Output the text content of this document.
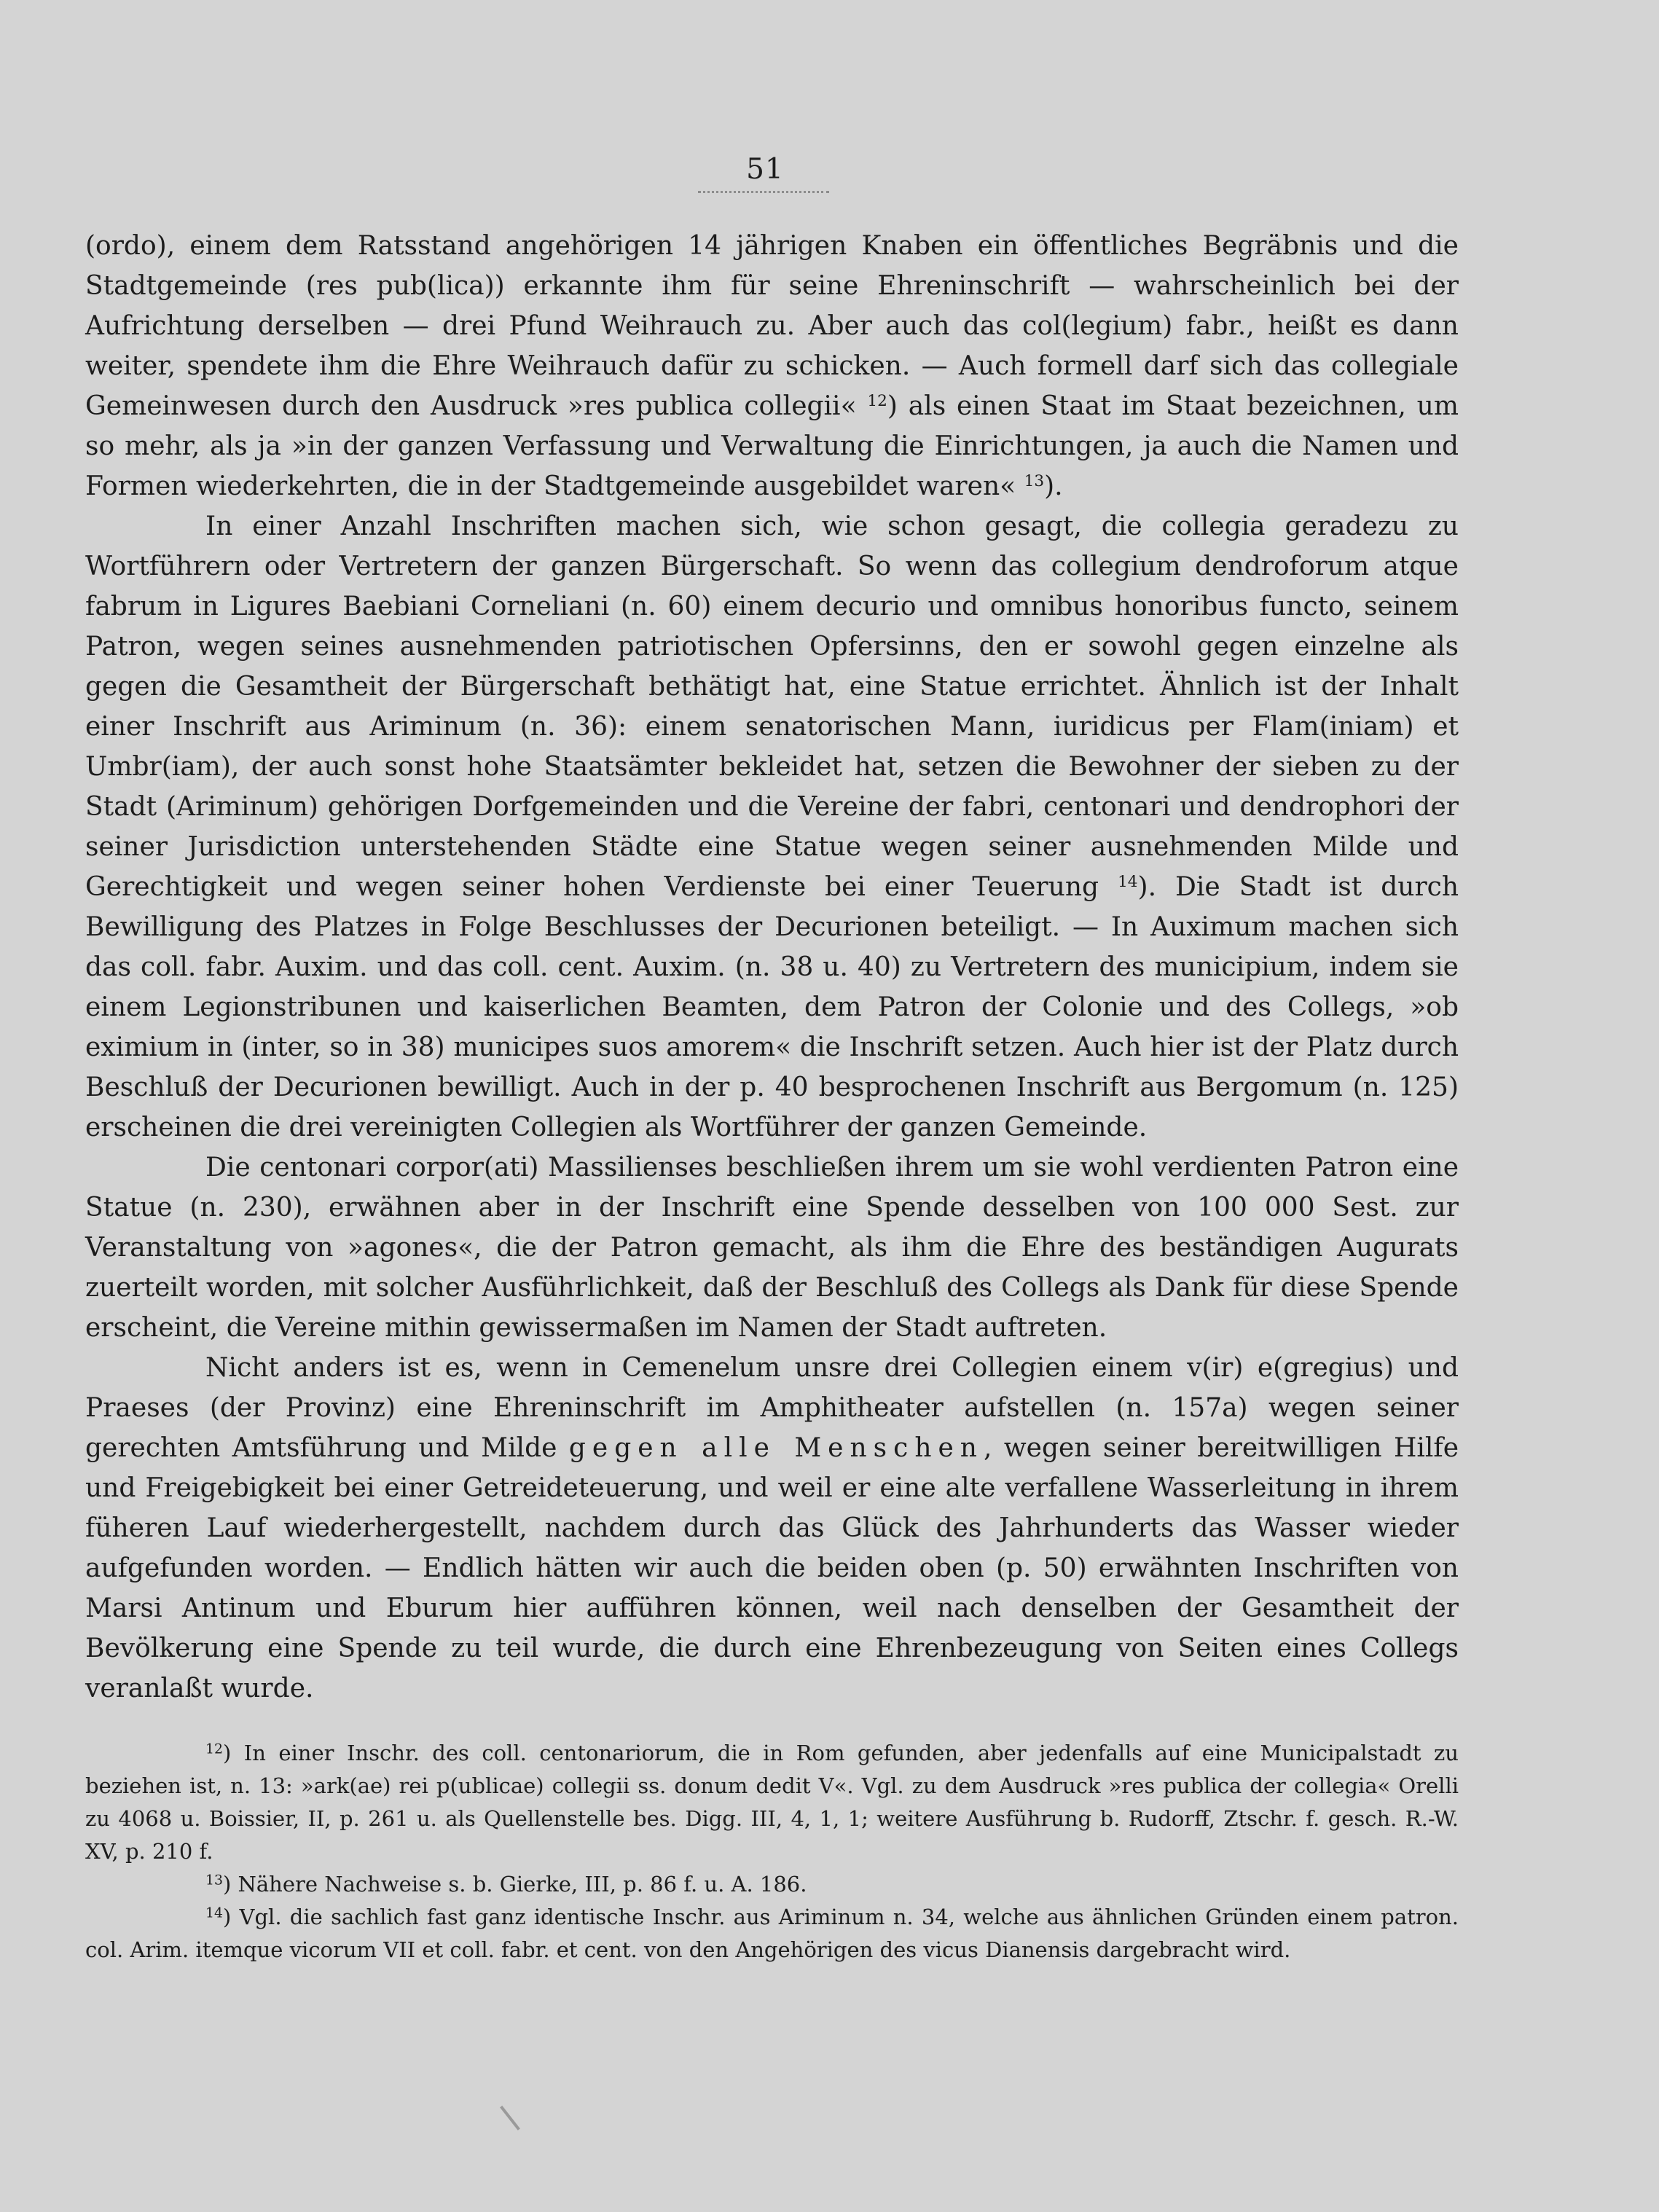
51

(ordo), einem dem Ratsstand angehörigen 14 jährigen Knaben ein öffentliches Begräbnis und die Stadtgemeinde (res pub(lica)) erkannte ihm für seine Ehreninschrift — wahrscheinlich bei der Aufrichtung derselben — drei Pfund Weihrauch zu. Aber auch das col(legium) fabr., heißt es dann weiter, spendete ihm die Ehre Weihrauch dafür zu schicken. — Auch formell darf sich das collegiale Gemeinwesen durch den Ausdruck »res publica collegii« $^{12}$) als einen Staat im Staat bezeichnen, um so mehr, als ja »in der ganzen Verfassung und Verwaltung die Einrichtungen, ja auch die Namen und Formen wiederkehrten, die in der Stadtgemeinde ausgebildet waren« $^{13}$).

In einer Anzahl Inschriften machen sich, wie schon gesagt, die collegia geradezu zu Wortführern oder Vertretern der ganzen Bürgerschaft. So wenn das collegium dendroforum atque fabrum in Ligures Baebiani Corneliani (n. 60) einem decurio und omnibus honoribus functo, seinem Patron, wegen seines ausnehmenden patriotischen Opfersinns, den er sowohl gegen einzelne als gegen die Gesamtheit der Bürgerschaft bethätigt hat, eine Statue errichtet. Ähnlich ist der Inhalt einer Inschrift aus Ariminum (n. 36): einem senatorischen Mann, iuridicus per Flam(iniam) et Umbr(iam), der auch sonst hohe Staatsämter bekleidet hat, setzen die Bewohner der sieben zu der Stadt (Ariminum) gehörigen Dorfgemeinden und die Vereine der fabri, centonari und dendrophori der seiner Jurisdiction unterstehenden Städte eine Statue wegen seiner ausnehmenden Milde und Gerechtigkeit und wegen seiner hohen Verdienste bei einer Teuerung $^{14}$). Die Stadt ist durch Bewilligung des Platzes in Folge Beschlusses der Decurionen beteiligt. — In Auximum machen sich das coll. fabr. Auxim. und das coll. cent. Auxim. (n. 38 u. 40) zu Vertretern des municipium, indem sie einem Legionstribunen und kaiserlichen Beamten, dem Patron der Colonie und des Collegs, »ob eximium in (inter, so in 38) municipes suos amorem« die Inschrift setzen. Auch hier ist der Platz durch Beschluß der Decurionen bewilligt. Auch in der p. 40 besprochenen Inschrift aus Bergomum (n. 125) erscheinen die drei vereinigten Collegien als Wortführer der ganzen Gemeinde.

Die centonari corpor(ati) Massilienses beschließen ihrem um sie wohl verdienten Patron eine Statue (n. 230), erwähnen aber in der Inschrift eine Spende desselben von 100 000 Sest. zur Veranstaltung von »agones«, die der Patron gemacht, als ihm die Ehre des beständigen Augurats zuerteilt worden, mit solcher Ausführlichkeit, daß der Beschluß des Collegs als Dank für diese Spende erscheint, die Vereine mithin gewissermaßen im Namen der Stadt auftreten.

Nicht anders ist es, wenn in Cemenelum unsre drei Collegien einem v(ir) e(gregius) und Praeses (der Provinz) eine Ehreninschrift im Amphitheater aufstellen (n. 157a) wegen seiner gerechten Amtsführung und Milde gegen alle Menschen, wegen seiner bereitwilligen Hilfe und Freigebigkeit bei einer Getreideteuerung, und weil er eine alte verfallene Wasserleitung in ihrem füheren Lauf wiederhergestellt, nachdem durch das Glück des Jahrhunderts das Wasser wieder aufgefunden worden. — Endlich hätten wir auch die beiden oben (p. 50) erwähnten Inschriften von Marsi Antinum und Eburum hier aufführen können, weil nach denselben der Gesamtheit der Bevölkerung eine Spende zu teil wurde, die durch eine Ehrenbezeugung von Seiten eines Collegs veranlaßt wurde.

$^{12}$) In einer Inschr. des coll. centonariorum, die in Rom gefunden, aber jedenfalls auf eine Municipalstadt zu beziehen ist, n. 13: »ark(ae) rei p(ublicae) collegii ss. donum dedit V«. Vgl. zu dem Ausdruck »res publica der collegia« Orelli zu 4068 u. Boissier, II, p. 261 u. als Quellenstelle bes. Digg. III, 4, 1, 1; weitere Ausführung b. Rudorff, Ztschr. f. gesch. R.-W. XV, p. 210 f.

$^{13}$) Nähere Nachweise s. b. Gierke, III, p. 86 f. u. A. 186.

$^{14}$) Vgl. die sachlich fast ganz identische Inschr. aus Ariminum n. 34, welche aus ähnlichen Gründen einem patron. col. Arim. itemque vicorum VII et coll. fabr. et cent. von den Angehörigen des vicus Dianensis dargebracht wird.
